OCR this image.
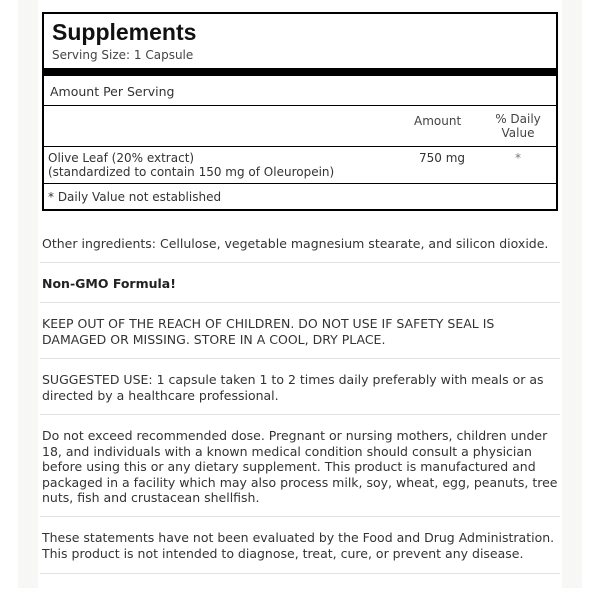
Supplements
Serving Size: 1 Capsule
Amount Per Serving
Amount	% Daily
Value
Olive Leaf (20% extract)
(standardized to contain 150 mg of Oleuropein)
750 mg	*
* Daily Value not established
Other ingredients: Cellulose, vegetable magnesium stearate, and silicon dioxide.
Non-GMO Formula!
KEEP OUT OF THE REACH OF CHILDREN. DO NOT USE IF SAFETY SEAL IS DAMAGED OR MISSING. STORE IN A COOL, DRY PLACE.
SUGGESTED USE: 1 capsule taken 1 to 2 times daily preferably with meals or as directed by a healthcare professional.
Do not exceed recommended dose. Pregnant or nursing mothers, children under 18, and individuals with a known medical condition should consult a physician before using this or any dietary supplement. This product is manufactured and packaged in a facility which may also process milk, soy, wheat, egg, peanuts, tree nuts, fish and crustacean shellfish.
These statements have not been evaluated by the Food and Drug Administration. This product is not intended to diagnose, treat, cure, or prevent any disease.
